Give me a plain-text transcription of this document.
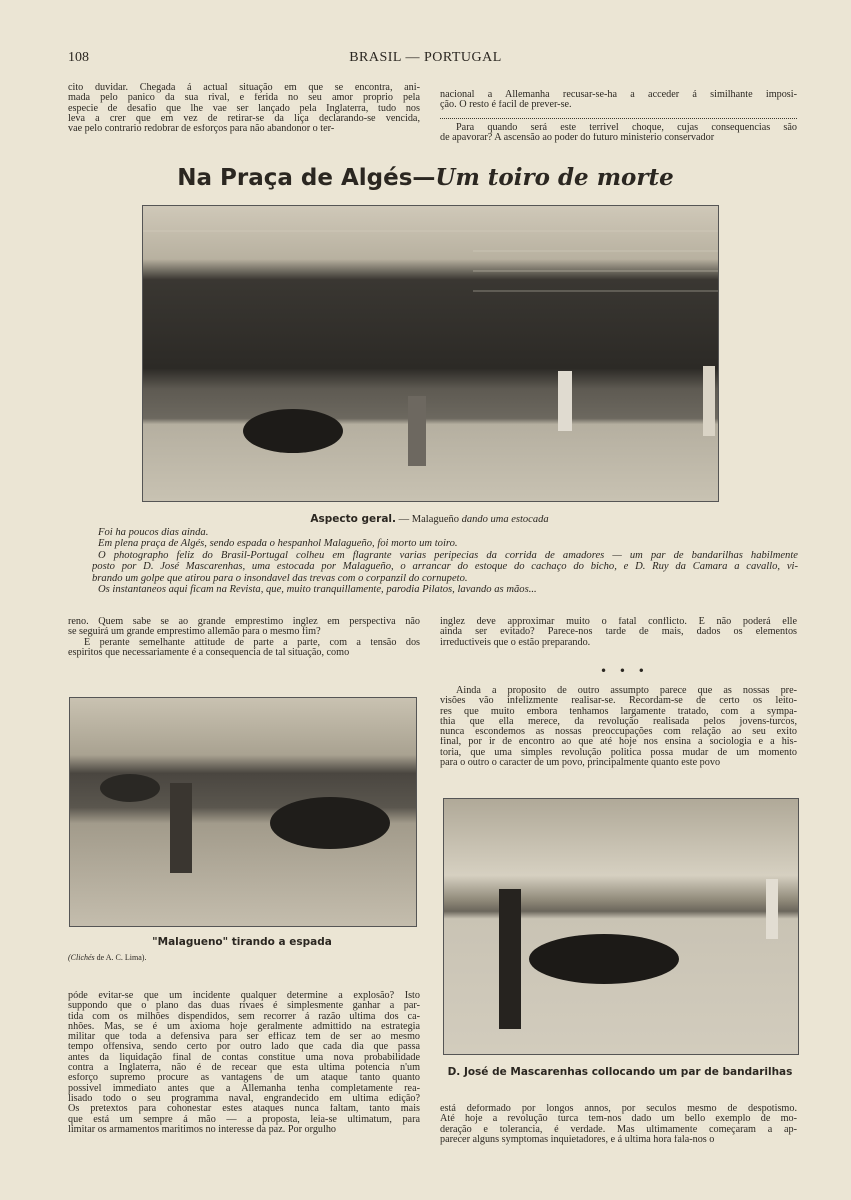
108	BRASIL — PORTUGAL
cito duvidar. Chegada á actual situação em que se encontra, ani-
mada pelo panico da sua rival, e ferida no seu amor proprio pela
especie de desafio que lhe vae ser lançado pela Inglaterra, tudo nos
leva a crer que em vez de retirar-se da liça declarando-se vencida,
vae pelo contrario redobrar de esforços para não abandonor o ter-
nacional a Allemanha recusar-se-ha a acceder á similhante imposi-
ção. O resto é facil de prever-se.
Para quando será este terrivel choque, cujas consequencias são
de apavorar? A ascensão ao poder do futuro ministerio conservador
Na Praça de Algés—Um toiro de morte
Aspecto geral. — Malagueño dando uma estocada
Foi ha poucos dias ainda.
Em plena praça de Algés, sendo espada o hespanhol Malagueño, foi morto um toiro.
O photographo feliz do Brasil-Portugal colheu em flagrante varias peripecias da corrida de amadores — um par de bandarilhas habilmente
posto por D. José Mascarenhas, uma estocada por Malagueño, o arrancar do estoque do cachaço do bicho, e D. Ruy da Camara a cavallo, vi-
brando um golpe que atirou para o insondavel das trevas com o corpanzil do cornupeto.
Os instantaneos aqui ficam na Revista, que, muito tranquillamente, parodia Pilatos, lavando as mãos...
reno. Quem sabe se ao grande emprestimo inglez em perspectiva não
se seguirá um grande emprestimo allemão para o mesmo fim?
E perante semelhante attitude de parte a parte, com a tensão dos
espiritos que necessariamente é a consequencia de tal situação, como
inglez deve approximar muito o fatal conflicto. E não poderá elle
ainda ser evitado? Parece-nos tarde de mais, dados os elementos
irreductiveis que o estão preparando.
• • •
Ainda a proposito de outro assumpto parece que as nossas pre-
visões vão infelizmente realisar-se. Recordam-se de certo os leito-
res que muito embora tenhamos largamente tratado, com a sympa-
thia que ella merece, da revolução realisada pelos jovens-turcos,
nunca escondemos as nossas preoccupações com relação ao seu exito
final, por ir de encontro ao que até hoje nos ensina a sociologia e a his-
toria, que uma simples revolução politica possa mudar de um momento
para o outro o caracter de um povo, principalmente quanto este povo
"Malagueno" tirando a espada
(Clichés de A. C. Lima).
D. José de Mascarenhas collocando um par de bandarilhas
póde evitar-se que um incidente qualquer determine a explosão? Isto
suppondo que o plano das duas rivaes é simplesmente ganhar a par-
tida com os milhões dispendidos, sem recorrer á razão ultima dos ca-
nhões. Mas, se é um axioma hoje geralmente admittido na estrategia
militar que toda a defensiva para ser efficaz tem de ser ao mesmo
tempo offensiva, sendo certo por outro lado que cada dia que passa
antes da liquidação final de contas constitue uma nova probabilidade
contra a Inglaterra, não é de recear que esta ultima potencia n'um
esforço supremo procure as vantagens de um ataque tanto quanto
possivel immediato antes que a Allemanha tenha completamente rea-
lisado todo o seu programma naval, engrandecido em ultima edição?
Os pretextos para cohonestar estes ataques nunca faltam, tanto mais
que está um sempre á mão — a proposta, leia-se ultimatum, para
limitar os armamentos maritimos no interesse da paz. Por orgulho
está deformado por longos annos, por seculos mesmo de despotismo.
Até hoje a revolução turca tem-nos dado um bello exemplo de mo-
deração e tolerancia, é verdade. Mas ultimamente começaram a ap-
parecer alguns symptomas inquietadores, e á ultima hora fala-nos o
